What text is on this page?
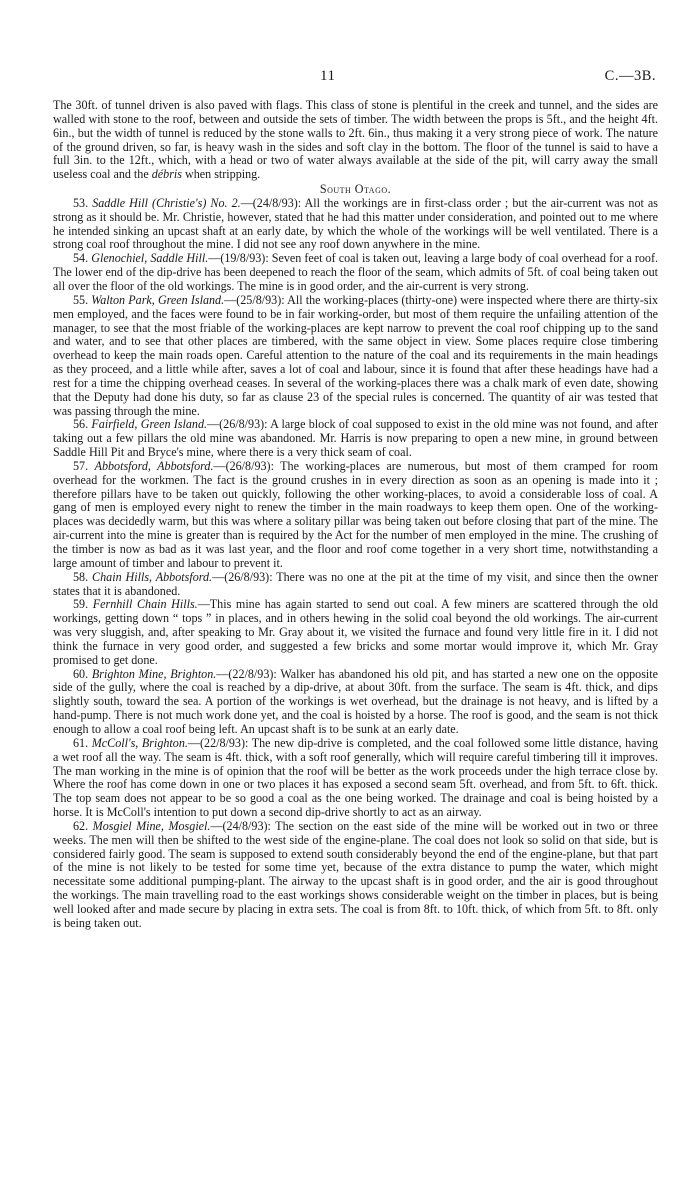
11	C.—3B.

The 30ft. of tunnel driven is also paved with flags. This class of stone is plentiful in the creek and tunnel, and the sides are walled with stone to the roof, between and outside the sets of timber. The width between the props is 5ft., and the height 4ft. 6in., but the width of tunnel is reduced by the stone walls to 2ft. 6in., thus making it a very strong piece of work. The nature of the ground driven, so far, is heavy wash in the sides and soft clay in the bottom. The floor of the tunnel is said to have a full 3in. to the 12ft., which, with a head or two of water always available at the side of the pit, will carry away the small useless coal and the débris when stripping.

South Otago.

53. Saddle Hill (Christie's) No. 2.—(24/8/93): All the workings are in first-class order ; but the air-current was not as strong as it should be. Mr. Christie, however, stated that he had this matter under consideration, and pointed out to me where he intended sinking an upcast shaft at an early date, by which the whole of the workings will be well ventilated. There is a strong coal roof throughout the mine. I did not see any roof down anywhere in the mine.

54. Glenochiel, Saddle Hill.—(19/8/93): Seven feet of coal is taken out, leaving a large body of coal overhead for a roof. The lower end of the dip-drive has been deepened to reach the floor of the seam, which admits of 5ft. of coal being taken out all over the floor of the old workings. The mine is in good order, and the air-current is very strong.

55. Walton Park, Green Island.—(25/8/93): All the working-places (thirty-one) were inspected where there are thirty-six men employed, and the faces were found to be in fair working-order, but most of them require the unfailing attention of the manager, to see that the most friable of the working-places are kept narrow to prevent the coal roof chipping up to the sand and water, and to see that other places are timbered, with the same object in view. Some places require close timbering overhead to keep the main roads open. Careful attention to the nature of the coal and its requirements in the main headings as they proceed, and a little while after, saves a lot of coal and labour, since it is found that after these headings have had a rest for a time the chipping overhead ceases. In several of the working-places there was a chalk mark of even date, showing that the Deputy had done his duty, so far as clause 23 of the special rules is concerned. The quantity of air was tested that was passing through the mine.

56. Fairfield, Green Island.—(26/8/93): A large block of coal supposed to exist in the old mine was not found, and after taking out a few pillars the old mine was abandoned. Mr. Harris is now preparing to open a new mine, in ground between Saddle Hill Pit and Bryce's mine, where there is a very thick seam of coal.

57. Abbotsford, Abbotsford.—(26/8/93): The working-places are numerous, but most of them cramped for room overhead for the workmen. The fact is the ground crushes in in every direction as soon as an opening is made into it ; therefore pillars have to be taken out quickly, following the other working-places, to avoid a considerable loss of coal. A gang of men is employed every night to renew the timber in the main roadways to keep them open. One of the working-places was decidedly warm, but this was where a solitary pillar was being taken out before closing that part of the mine. The air-current into the mine is greater than is required by the Act for the number of men employed in the mine. The crushing of the timber is now as bad as it was last year, and the floor and roof come together in a very short time, notwithstanding a large amount of timber and labour to prevent it.

58. Chain Hills, Abbotsford.—(26/8/93): There was no one at the pit at the time of my visit, and since then the owner states that it is abandoned.

59. Fernhill Chain Hills.—This mine has again started to send out coal. A few miners are scattered through the old workings, getting down “ tops ” in places, and in others hewing in the solid coal beyond the old workings. The air-current was very sluggish, and, after speaking to Mr. Gray about it, we visited the furnace and found very little fire in it. I did not think the furnace in very good order, and suggested a few bricks and some mortar would improve it, which Mr. Gray promised to get done.

60. Brighton Mine, Brighton.—(22/8/93): Walker has abandoned his old pit, and has started a new one on the opposite side of the gully, where the coal is reached by a dip-drive, at about 30ft. from the surface. The seam is 4ft. thick, and dips slightly south, toward the sea. A portion of the workings is wet overhead, but the drainage is not heavy, and is lifted by a hand-pump. There is not much work done yet, and the coal is hoisted by a horse. The roof is good, and the seam is not thick enough to allow a coal roof being left. An upcast shaft is to be sunk at an early date.

61. McColl's, Brighton.—(22/8/93): The new dip-drive is completed, and the coal followed some little distance, having a wet roof all the way. The seam is 4ft. thick, with a soft roof generally, which will require careful timbering till it improves. The man working in the mine is of opinion that the roof will be better as the work proceeds under the high terrace close by. Where the roof has come down in one or two places it has exposed a second seam 5ft. overhead, and from 5ft. to 6ft. thick. The top seam does not appear to be so good a coal as the one being worked. The drainage and coal is being hoisted by a horse. It is McColl's intention to put down a second dip-drive shortly to act as an airway.

62. Mosgiel Mine, Mosgiel.—(24/8/93): The section on the east side of the mine will be worked out in two or three weeks. The men will then be shifted to the west side of the engine-plane. The coal does not look so solid on that side, but is considered fairly good. The seam is supposed to extend south considerably beyond the end of the engine-plane, but that part of the mine is not likely to be tested for some time yet, because of the extra distance to pump the water, which might necessitate some additional pumping-plant. The airway to the upcast shaft is in good order, and the air is good throughout the workings. The main travelling road to the east workings shows considerable weight on the timber in places, but is being well looked after and made secure by placing in extra sets. The coal is from 8ft. to 10ft. thick, of which from 5ft. to 8ft. only is being taken out.
